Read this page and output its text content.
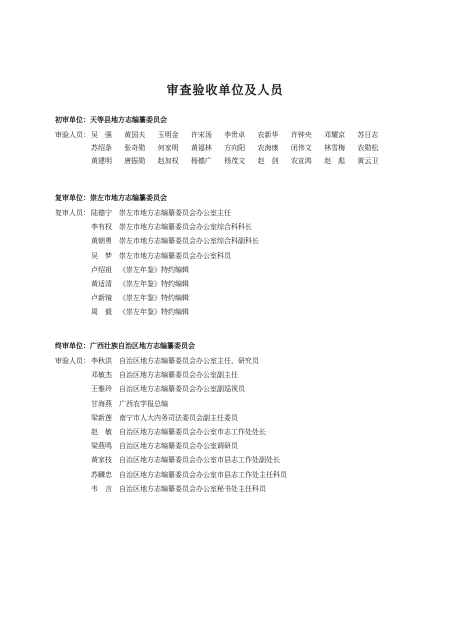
审查验收单位及人员
初审单位：天等县地方志编纂委员会
审验人员： 吴　强	黄国夫	玉明金	许宋汤	李贵卓	农新华	许钟央	邓耀京	苏日志
苏绍条	张奇勋	何家明	黄福林	方向阳	农海康	闭伟文	林雪梅	农勋松
黄建明	唐振勋	赵加权	杨德广	杨茂文	赵　剑	农宣鸿	赵　彪	黄云卫
复审单位：崇左市地方志编纂委员会
复审人员： 陆德宁	崇左市地方志编纂委员会办公室主任
李有权	崇左市地方志编纂委员会办公室综合科科长
黄朝勇	崇左市地方志编纂委员会办公室综合科副科长
吴　梦	崇左市地方志编纂委员会办公室科员
卢绍祖	《崇左年鉴》特约编辑
黄适清	《崇左年鉴》特约编辑
卢新镜	《崇左年鉴》特约编辑
周　毅	《崇左年鉴》特约编辑
终审单位：广西壮族自治区地方志编纂委员会
审验人员： 李秋洪	自治区地方志编纂委员会办公室主任、研究员
邓敏杰	自治区地方志编纂委员会办公室副主任
王雅玲	自治区地方志编纂委员会办公室副巡视员
甘海燕	广西农学报总编
梁新莲	南宁市人大内务司法委员会副主任委员
赵　敏	自治区地方志编纂委员会办公室市志工作处处长
梁燕鸣	自治区地方志编纂委员会办公室调研员
黄家技	自治区地方志编纂委员会办公室市县志工作处副处长
苏麟忠	自治区地方志编纂委员会办公室市县志工作处主任科员
韦　言	自治区地方志编纂委员会办公室秘书处主任科员
